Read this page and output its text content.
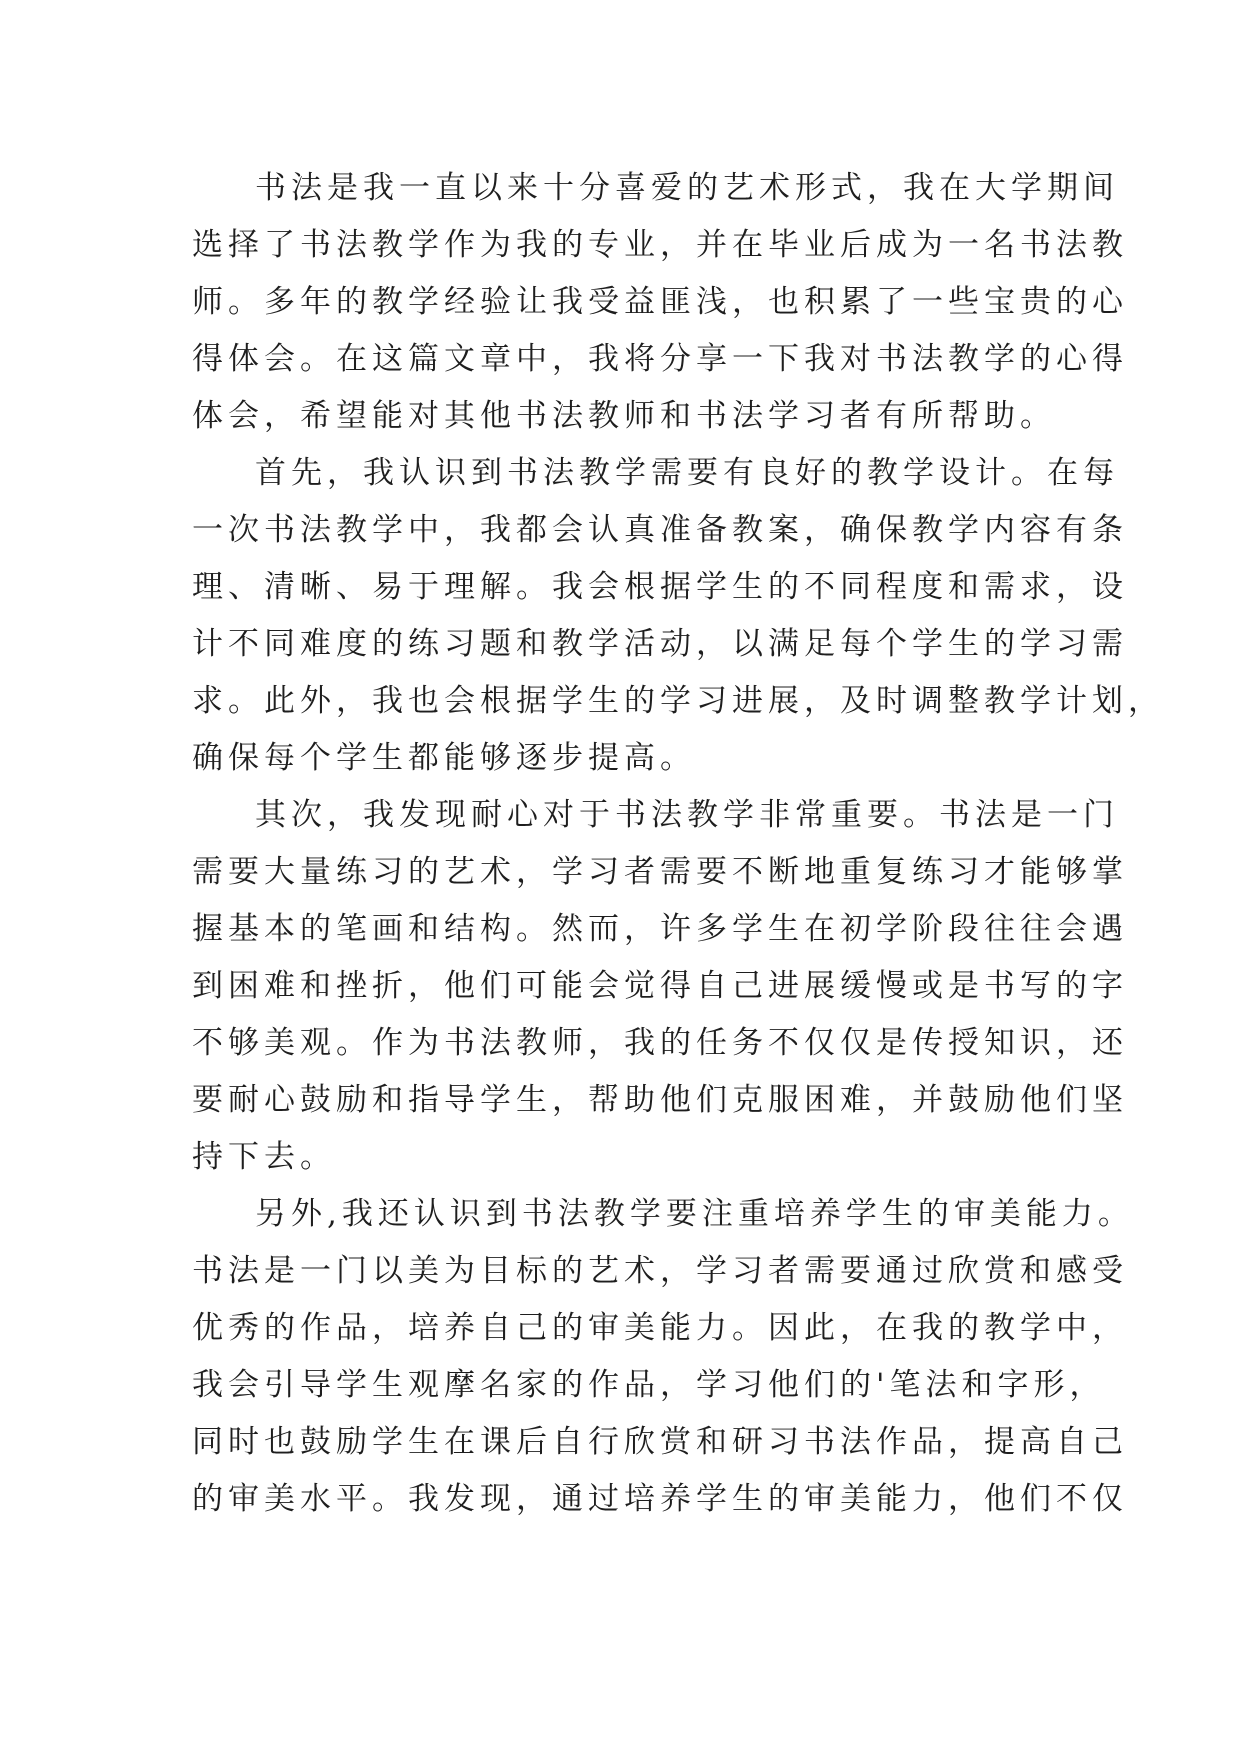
书法是我一直以来十分喜爱的艺术形式，我在大学期间
选择了书法教学作为我的专业，并在毕业后成为一名书法教
师。多年的教学经验让我受益匪浅，也积累了一些宝贵的心
得体会。在这篇文章中，我将分享一下我对书法教学的心得
体会，希望能对其他书法教师和书法学习者有所帮助。
首先，我认识到书法教学需要有良好的教学设计。在每
一次书法教学中，我都会认真准备教案，确保教学内容有条
理、清晰、易于理解。我会根据学生的不同程度和需求，设
计不同难度的练习题和教学活动，以满足每个学生的学习需
求。此外，我也会根据学生的学习进展，及时调整教学计划，
确保每个学生都能够逐步提高。
其次，我发现耐心对于书法教学非常重要。书法是一门
需要大量练习的艺术，学习者需要不断地重复练习才能够掌
握基本的笔画和结构。然而，许多学生在初学阶段往往会遇
到困难和挫折，他们可能会觉得自己进展缓慢或是书写的字
不够美观。作为书法教师，我的任务不仅仅是传授知识，还
要耐心鼓励和指导学生，帮助他们克服困难，并鼓励他们坚
持下去。
另外,我还认识到书法教学要注重培养学生的审美能力。
书法是一门以美为目标的艺术，学习者需要通过欣赏和感受
优秀的作品，培养自己的审美能力。因此，在我的教学中，
我会引导学生观摩名家的作品，学习他们的'笔法和字形，
同时也鼓励学生在课后自行欣赏和研习书法作品，提高自己
的审美水平。我发现，通过培养学生的审美能力，他们不仅
